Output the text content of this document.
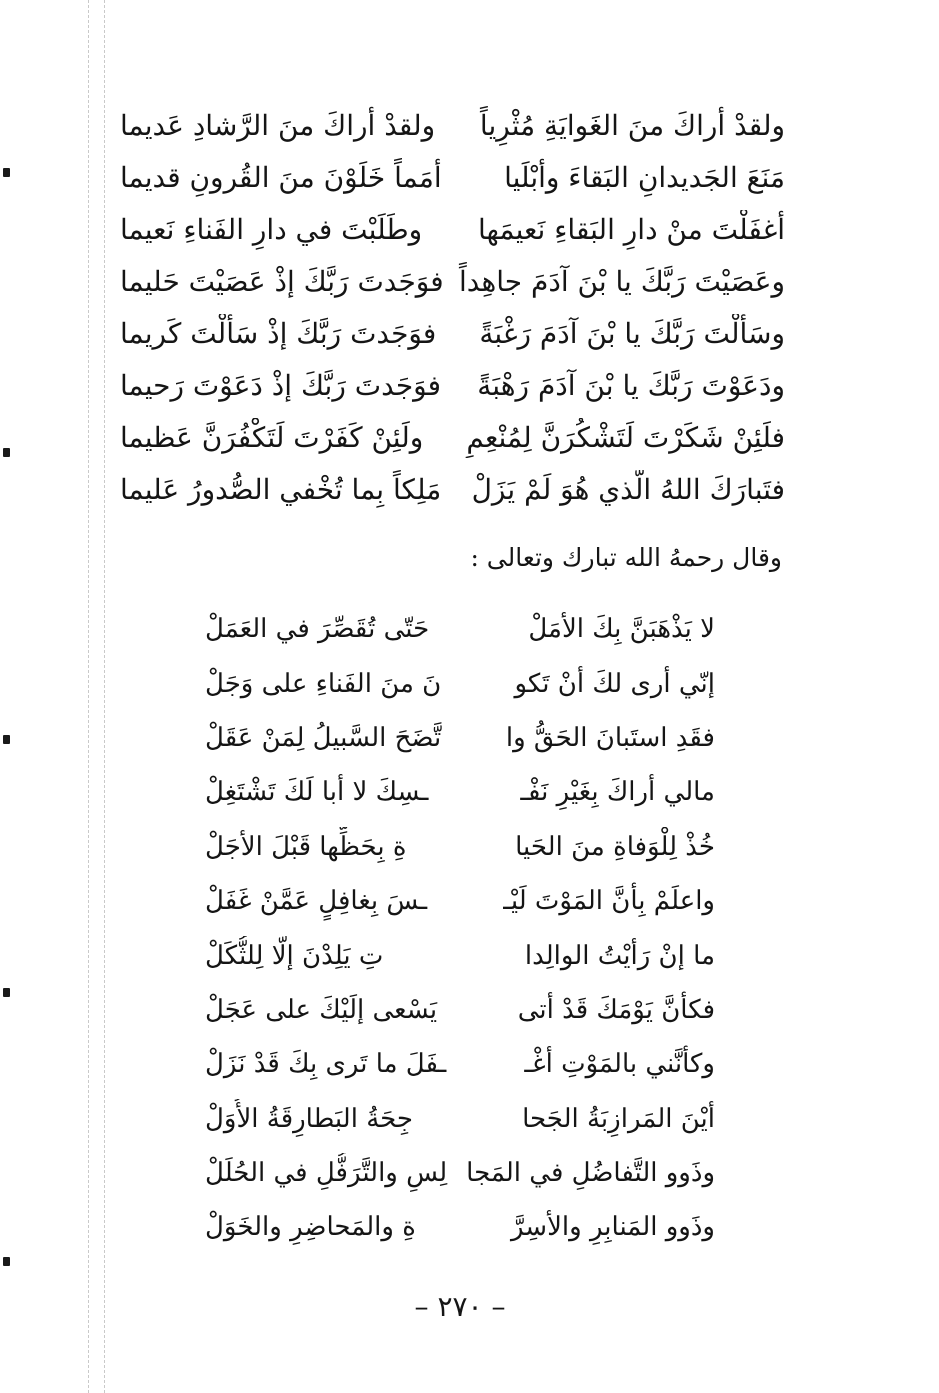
ولقدْ أراكَ منَ الغَوايَةِ مُثْرِياً
ولقدْ أراكَ منَ الرَّشادِ عَديما
مَنَعَ الجَديدانِ البَقاءَ وأبْلَيا
أُمَماً خَلَوْنَ منَ القُرونِ قديما
أغفَلْتَ منْ دارِ البَقاءِ نَعيمَها
وطَلَبْتَ في دارِ الفَناءِ نَعيما
وعَصَيْتَ رَبَّكَ يا بْنَ آدَمَ جاهِداً
فوَجَدتَ رَبَّكَ إذْ عَصَيْتَ حَليما
وسَأَلْتَ رَبَّكَ يا بْنَ آدَمَ رَغْبَةً
فوَجَدتَ رَبَّكَ إذْ سَأَلْتَ كَريما
ودَعَوْتَ رَبَّكَ يا بْنَ آدَمَ رَهْبَةً
فوَجَدتَ رَبَّكَ إذْ دَعَوْتَ رَحيما
فلَئِنْ شَكَرْتَ لَتَشْكُرَنَّ لِمُنْعِمٍ
ولَئِنْ كَفَرْتَ لَتَكْفُرَنَّ عَظيما
فتَبارَكَ اللهُ الّذي هُوَ لَمْ يَزَلْ
مَلِكاً بِما تُخْفي الصُّدورُ عَليما
وقال رحمهُ الله تبارك وتعالى :
لا يَذْهَبَنَّ بِكَ الأمَلْ
حَتّى تُقَصِّرَ في العَمَلْ
إنّي أرى لكَ أنْ تَكو
نَ منَ الفَناءِ على وَجَلْ
فقَدِ استَبانَ الحَقُّ وا
تَّضَحَ السَّبيلُ لِمَنْ عَقَلْ
مالي أراكَ بِغَيْرِ نَفْـ
ـسِكَ لا أبا لَكَ تَشْتَغِلْ
خُذْ لِلْوَفاةِ منَ الحَيا
ةِ بِحَظِّها قَبْلَ الأجَلْ
واعلَمْ بِأنَّ المَوْتَ لَيْـ
ـسَ بِغافِلٍ عَمَّنْ غَفَلْ
ما إنْ رَأيْتُ الوالِدا
تِ يَلِدْنَ إلّا لِلثُّكَلْ
فكأنَّ يَوْمَكَ قَدْ أتى
يَسْعى إلَيْكَ على عَجَلْ
وكأنَّني بالمَوْتِ أغْـ
ـفَلَ ما تَرى بِكَ قَدْ نَزَلْ
أيْنَ المَرازِبَةُ الجَحا
جِحَةُ البَطارِقَةُ الأُوَلْ
وذَوو التَّفاضُلِ في المَجا
لِسِ والتَّرَفُّلِ في الحُلَلْ
وذَوو المَنابِرِ والأسِرَّ
ةِ والمَحاضِرِ والخَوَلْ
– ٢٧٠ –
